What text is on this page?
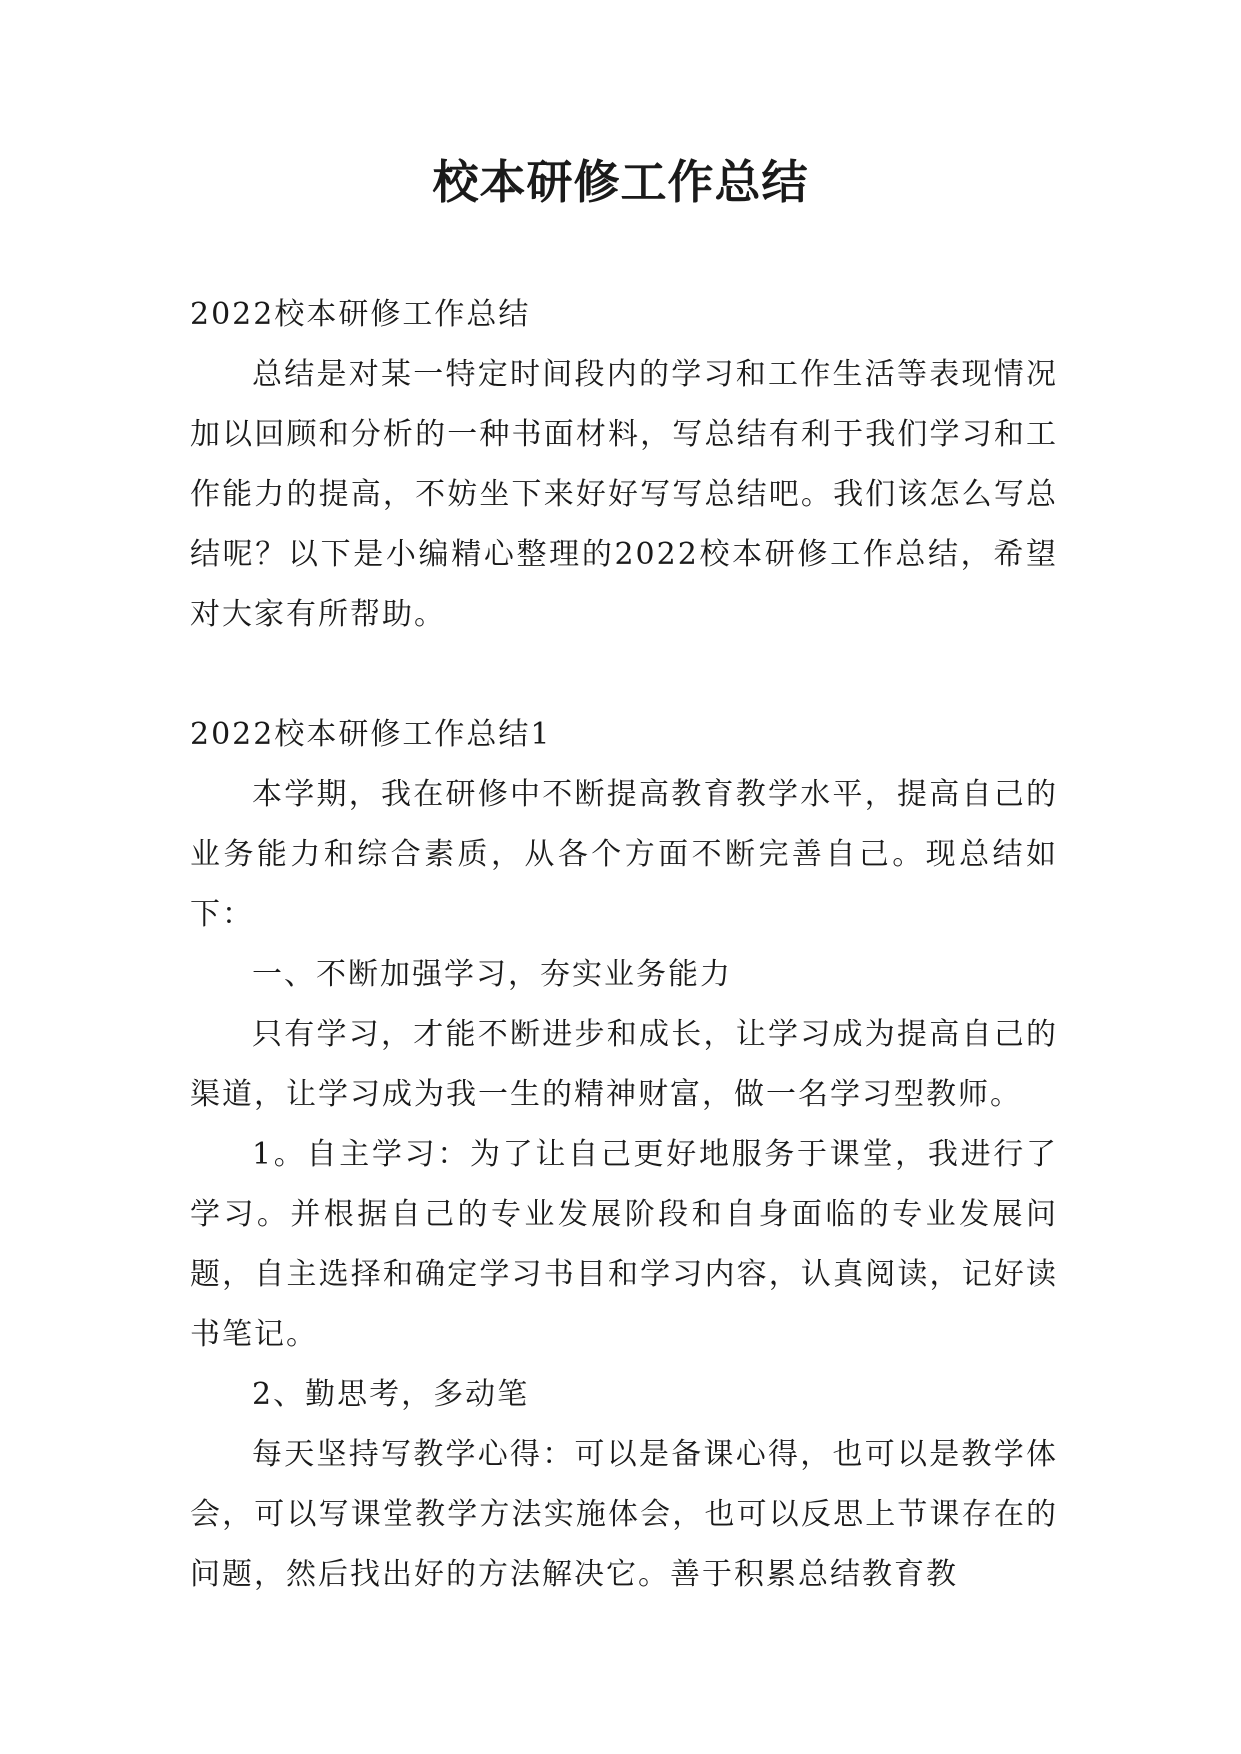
校本研修工作总结
2022校本研修工作总结

总结是对某一特定时间段内的学习和工作生活等表现情况加以回顾和分析的一种书面材料，写总结有利于我们学习和工作能力的提高，不妨坐下来好好写写总结吧。我们该怎么写总结呢？以下是小编精心整理的2022校本研修工作总结，希望对大家有所帮助。

2022校本研修工作总结1

本学期，我在研修中不断提高教育教学水平，提高自己的业务能力和综合素质，从各个方面不断完善自己。现总结如下：

一、不断加强学习，夯实业务能力

只有学习，才能不断进步和成长，让学习成为提高自己的渠道，让学习成为我一生的精神财富，做一名学习型教师。

1。自主学习：为了让自己更好地服务于课堂，我进行了学习。并根据自己的专业发展阶段和自身面临的专业发展问题，自主选择和确定学习书目和学习内容，认真阅读，记好读书笔记。

2、勤思考，多动笔

每天坚持写教学心得：可以是备课心得，也可以是教学体会，可以写课堂教学方法实施体会，也可以反思上节课存在的问题，然后找出好的方法解决它。善于积累总结教育教
